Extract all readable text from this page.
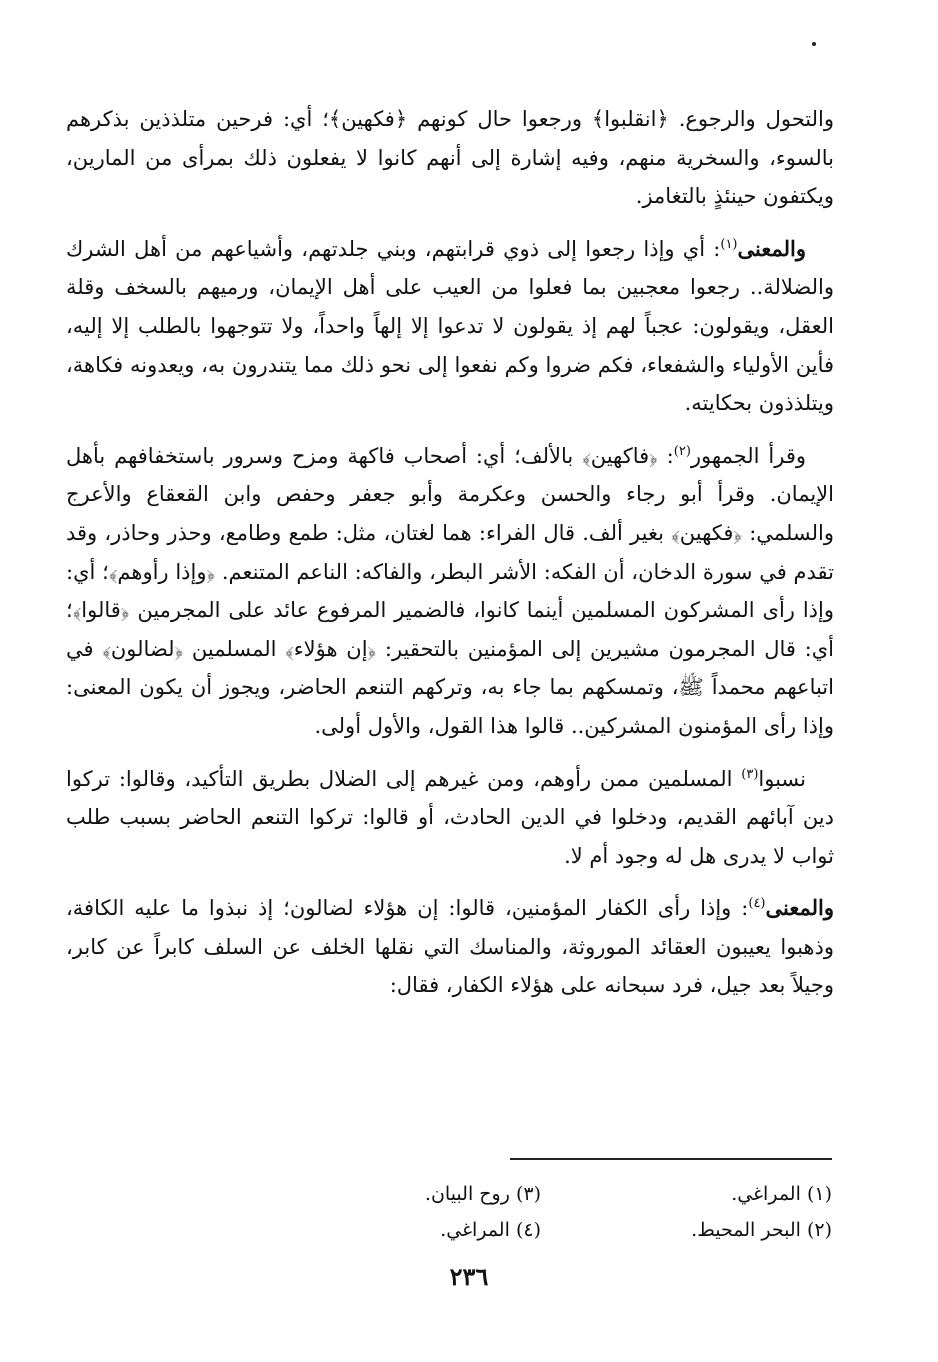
والتحول والرجوع. ﴿انقلبوا﴾ ورجعوا حال كونهم ﴿فكهين﴾؛ أي: فرحين متلذذين بذكرهم بالسوء، والسخرية منهم، وفيه إشارة إلى أنهم كانوا لا يفعلون ذلك بمرأى من المارين، ويكتفون حينئذٍ بالتغامز.

والمعنى$^{(١)}$: أي وإذا رجعوا إلى ذوي قرابتهم، وبني جلدتهم، وأشياعهم من أهل الشرك والضلالة.. رجعوا معجبين بما فعلوا من العيب على أهل الإيمان، ورميهم بالسخف وقلة العقل، ويقولون: عجباً لهم إذ يقولون لا تدعوا إلا إلهاً واحداً، ولا تتوجهوا بالطلب إلا إليه، فأين الأولياء والشفعاء، فكم ضروا وكم نفعوا إلى نحو ذلك مما يتندرون به، ويعدونه فكاهة، ويتلذذون بحكايته.

وقرأ الجمهور$^{(٢)}$: ﴿فاكهين﴾ بالألف؛ أي: أصحاب فاكهة ومزح وسرور باستخفافهم بأهل الإيمان. وقرأ أبو رجاء والحسن وعكرمة وأبو جعفر وحفص وابن القعقاع والأعرج والسلمي: ﴿فكهين﴾ بغير ألف. قال الفراء: هما لغتان، مثل: طمع وطامع، وحذر وحاذر، وقد تقدم في سورة الدخان، أن الفكه: الأشر البطر، والفاكه: الناعم المتنعم. ﴿وإذا رأوهم﴾؛ أي: وإذا رأى المشركون المسلمين أينما كانوا، فالضمير المرفوع عائد على المجرمين ﴿قالوا﴾؛ أي: قال المجرمون مشيرين إلى المؤمنين بالتحقير: ﴿إن هؤلاء﴾ المسلمين ﴿لضالون﴾ في اتباعهم محمداً ﷺ، وتمسكهم بما جاء به، وتركهم التنعم الحاضر، ويجوز أن يكون المعنى: وإذا رأى المؤمنون المشركين.. قالوا هذا القول، والأول أولى.

نسبوا$^{(٣)}$ المسلمين ممن رأوهم، ومن غيرهم إلى الضلال بطريق التأكيد، وقالوا: تركوا دين آبائهم القديم، ودخلوا في الدين الحادث، أو قالوا: تركوا التنعم الحاضر بسبب طلب ثواب لا يدرى هل له وجود أم لا.

والمعنى$^{(٤)}$: وإذا رأى الكفار المؤمنين، قالوا: إن هؤلاء لضالون؛ إذ نبذوا ما عليه الكافة، وذهبوا يعيبون العقائد الموروثة، والمناسك التي نقلها الخلف عن السلف كابراً عن كابر، وجيلاً بعد جيل، فرد سبحانه على هؤلاء الكفار، فقال:

(١) المراغي.
(٣) روح البيان.
(٢) البحر المحيط.
(٤) المراغي.
٢٣٦
